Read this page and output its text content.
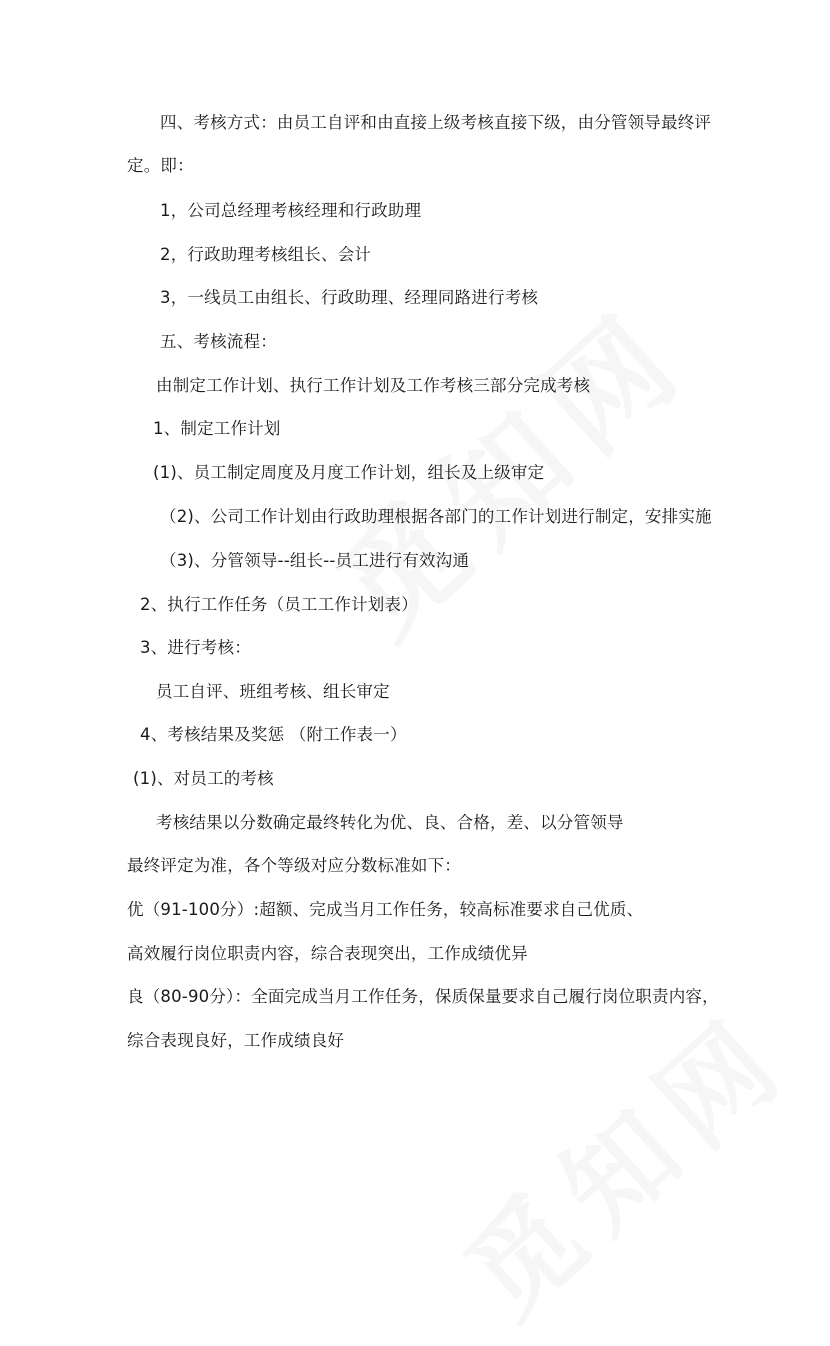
四、考核方式：由员工自评和由直接上级考核直接下级，由分管领导最终评
定。即：
1，公司总经理考核经理和行政助理
2，行政助理考核组长、会计
3，一线员工由组长、行政助理、经理同路进行考核
五、考核流程：
由制定工作计划、执行工作计划及工作考核三部分完成考核
1、制定工作计划
(1)、员工制定周度及月度工作计划，组长及上级审定
（2)、公司工作计划由行政助理根据各部门的工作计划进行制定，安排实施
（3)、分管领导--组长--员工进行有效沟通
2、执行工作任务（员工工作计划表）
3、进行考核：
员工自评、班组考核、组长审定
4、考核结果及奖惩 （附工作表一）
(1)、对员工的考核
考核结果以分数确定最终转化为优、良、合格，差、以分管领导
最终评定为准，各个等级对应分数标准如下：
优（91-100分）:超额、完成当月工作任务，较高标准要求自己优质、
高效履行岗位职责内容，综合表现突出，工作成绩优异
良（80-90分）：全面完成当月工作任务，保质保量要求自己履行岗位职责内容，
综合表现良好，工作成绩良好
